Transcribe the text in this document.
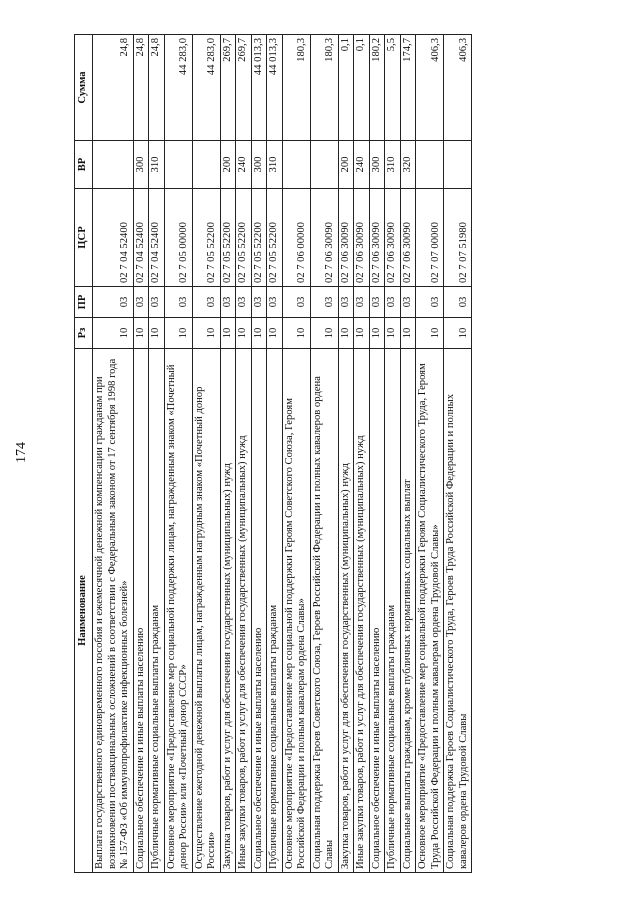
174
Наименование	Рз	ПР	ЦСР	ВР	Сумма
Выплата государственного единовременного пособия и ежемесячной денежной компенсации гражданам при возникновении поствакцинальных осложнений в соответствии с Федеральным законом от 17 сентября 1998 года № 157-ФЗ «Об иммунопрофилактике инфекционных болезней»	10	03	02 7 04 52400		24,8
Социальное обеспечение и иные выплаты населению	10	03	02 7 04 52400	300	24,8
Публичные нормативные социальные выплаты гражданам	10	03	02 7 04 52400	310	24,8
Основное мероприятие «Предоставление мер социальной поддержки лицам, награжденным знаком «Почетный донор России» или «Почетный донор СССР»	10	03	02 7 05 00000		44 283,0
Осуществление ежегодной денежной выплаты лицам, награжденным нагрудным знаком «Почетный донор России»	10	03	02 7 05 52200		44 283,0
Закупка товаров, работ и услуг для обеспечения государственных (муниципальных) нужд	10	03	02 7 05 52200	200	269,7
Иные закупки товаров, работ и услуг для обеспечения государственных (муниципальных) нужд	10	03	02 7 05 52200	240	269,7
Социальное обеспечение и иные выплаты населению	10	03	02 7 05 52200	300	44 013,3
Публичные нормативные социальные выплаты гражданам	10	03	02 7 05 52200	310	44 013,3
Основное мероприятие «Предоставление мер социальной поддержки Героям Советского Союза, Героям Российской Федерации и полным кавалерам ордена Славы»	10	03	02 7 06 00000		180,3
Социальная поддержка Героев Советского Союза, Героев Российской Федерации и полных кавалеров ордена Славы	10	03	02 7 06 30090		180,3
Закупка товаров, работ и услуг для обеспечения государственных (муниципальных) нужд	10	03	02 7 06 30090	200	0,1
Иные закупки товаров, работ и услуг для обеспечения государственных (муниципальных) нужд	10	03	02 7 06 30090	240	0,1
Социальное обеспечение и иные выплаты населению	10	03	02 7 06 30090	300	180,2
Публичные нормативные социальные выплаты гражданам	10	03	02 7 06 30090	310	5,5
Социальные выплаты гражданам, кроме публичных нормативных социальных выплат	10	03	02 7 06 30090	320	174,7
Основное мероприятие «Предоставление мер социальной поддержки Героям Социалистического Труда, Героям Труда Российской Федерации и полным кавалерам ордена Трудовой Славы»	10	03	02 7 07 00000		406,3
Социальная поддержка Героев Социалистического Труда, Героев Труда Российской Федерации и полных кавалеров ордена Трудовой Славы	10	03	02 7 07 51980		406,3
